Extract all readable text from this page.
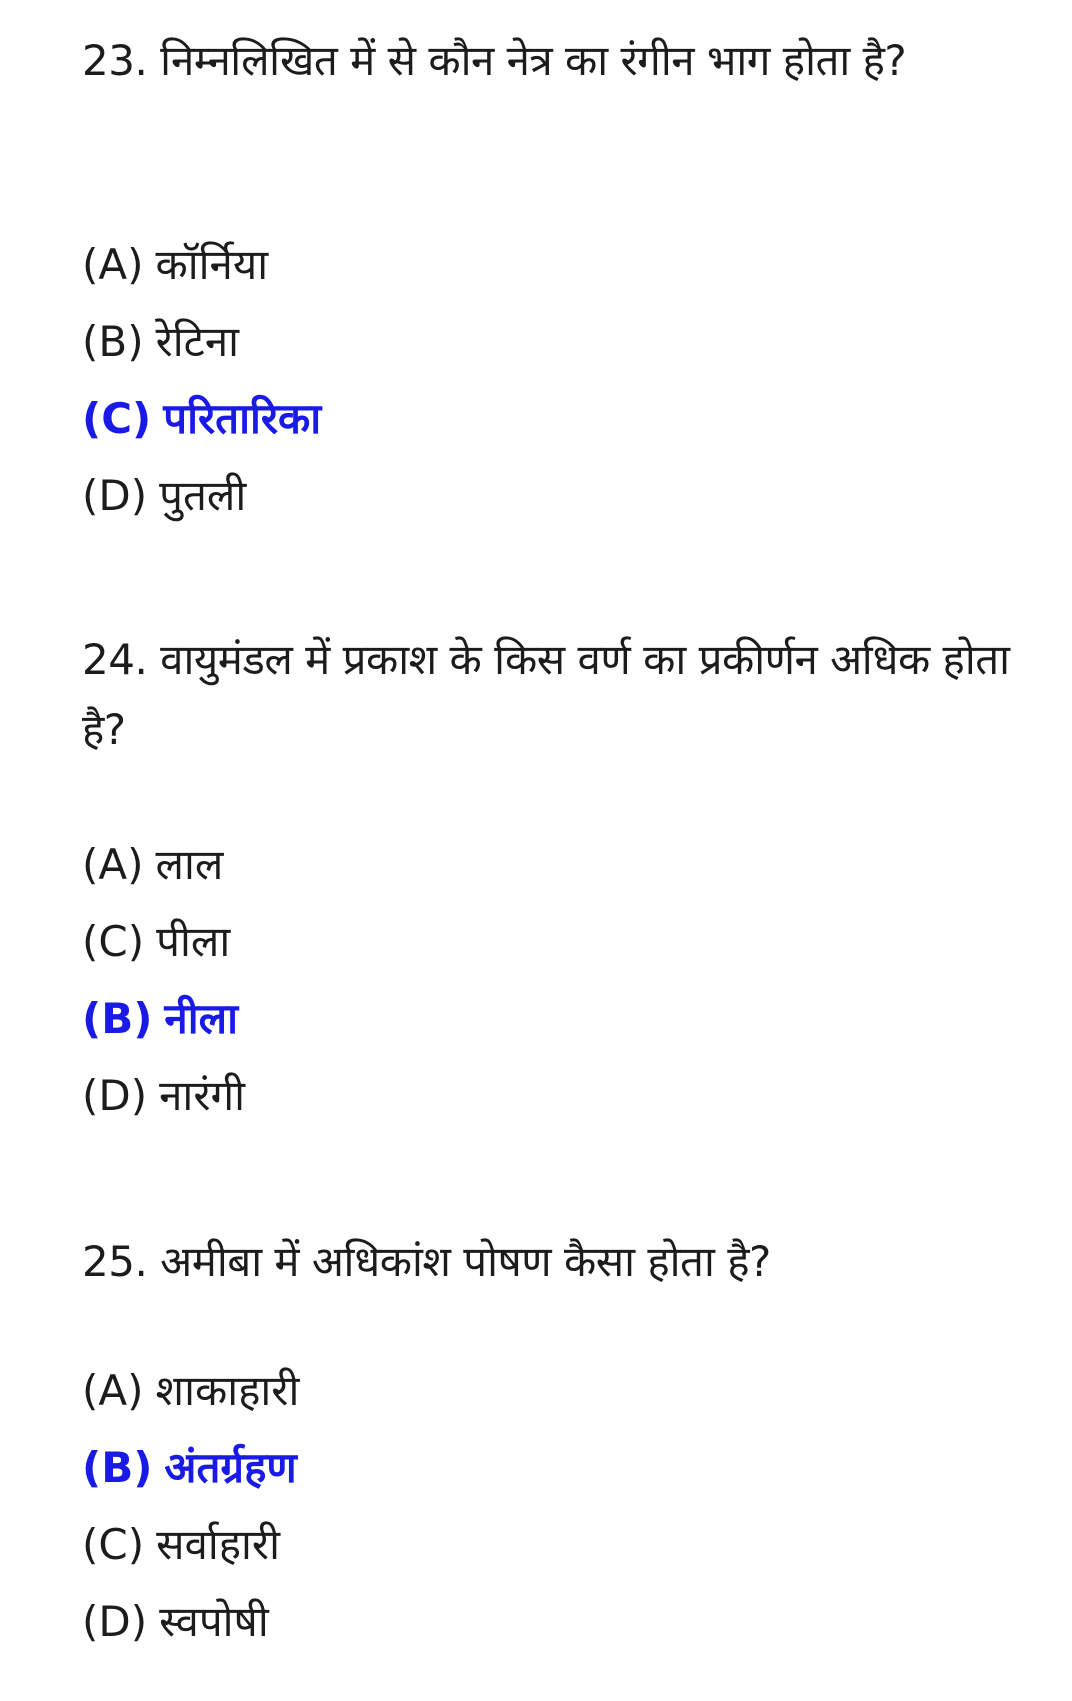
23. निम्नलिखित में से कौन नेत्र का रंगीन भाग होता है?
(A) कॉर्निया
(B) रेटिना
(C) परितारिका
(D) पुतली
24. वायुमंडल में प्रकाश के किस वर्ण का प्रकीर्णन अधिक होता है?
(A) लाल
(C) पीला
(B) नीला
(D) नारंगी
25. अमीबा में अधिकांश पोषण कैसा होता है?
(A) शाकाहारी
(B) अंतर्ग्रहण
(C) सर्वाहारी
(D) स्वपोषी
